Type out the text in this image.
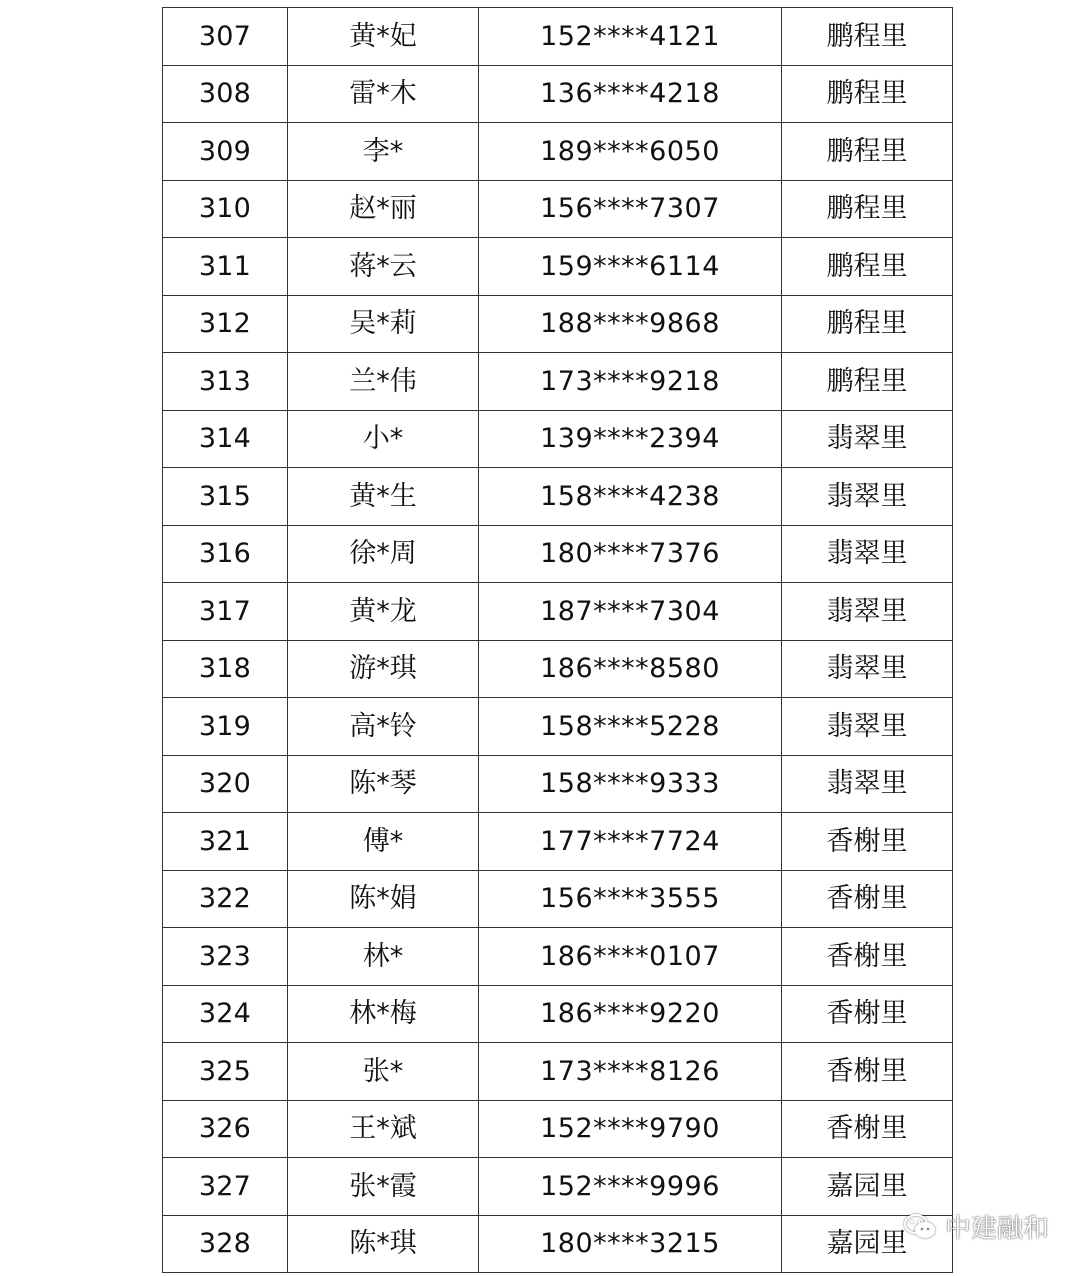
307	黄*妃	152****4121	鹏程里
308	雷*木	136****4218	鹏程里
309	李*	189****6050	鹏程里
310	赵*丽	156****7307	鹏程里
311	蒋*云	159****6114	鹏程里
312	吴*莉	188****9868	鹏程里
313	兰*伟	173****9218	鹏程里
314	小*	139****2394	翡翠里
315	黄*生	158****4238	翡翠里
316	徐*周	180****7376	翡翠里
317	黄*龙	187****7304	翡翠里
318	游*琪	186****8580	翡翠里
319	高*铃	158****5228	翡翠里
320	陈*琴	158****9333	翡翠里
321	傅*	177****7724	香榭里
322	陈*娟	156****3555	香榭里
323	林*	186****0107	香榭里
324	林*梅	186****9220	香榭里
325	张*	173****8126	香榭里
326	王*斌	152****9790	香榭里
327	张*霞	152****9996	嘉园里
328	陈*琪	180****3215	嘉园里 中建融和
